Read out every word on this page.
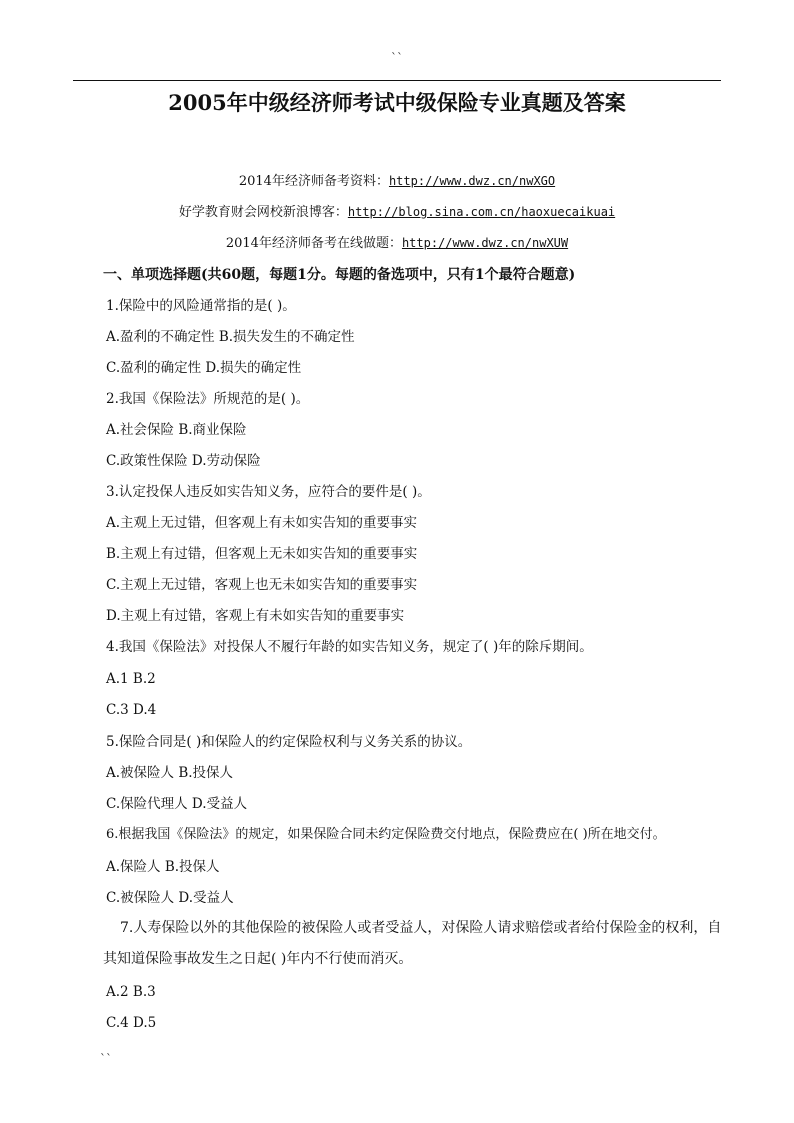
``
2005年中级经济师考试中级保险专业真题及答案
2014年经济师备考资料：http://www.dwz.cn/nwXGO
好学教育财会网校新浪博客：http://blog.sina.com.cn/haoxuecaikuai
2014年经济师备考在线做题：http://www.dwz.cn/nwXUW
一、单项选择题(共60题，每题1分。每题的备选项中，只有1个最符合题意)
1.保险中的风险通常指的是( )。
A.盈利的不确定性 B.损失发生的不确定性
C.盈利的确定性 D.损失的确定性
2.我国《保险法》所规范的是( )。
A.社会保险 B.商业保险
C.政策性保险 D.劳动保险
3.认定投保人违反如实告知义务，应符合的要件是( )。
A.主观上无过错，但客观上有未如实告知的重要事实
B.主观上有过错，但客观上无未如实告知的重要事实
C.主观上无过错，客观上也无未如实告知的重要事实
D.主观上有过错，客观上有未如实告知的重要事实
4.我国《保险法》对投保人不履行年龄的如实告知义务，规定了( )年的除斥期间。
A.1 B.2
C.3 D.4
5.保险合同是( )和保险人的约定保险权利与义务关系的协议。
A.被保险人 B.投保人
C.保险代理人 D.受益人
6.根据我国《保险法》的规定，如果保险合同未约定保险费交付地点，保险费应在( )所在地交付。
A.保险人 B.投保人
C.被保险人 D.受益人
7.人寿保险以外的其他保险的被保险人或者受益人，对保险人请求赔偿或者给付保险金的权利，自其知道保险事故发生之日起( )年内不行使而消灭。
A.2 B.3
C.4 D.5
``
